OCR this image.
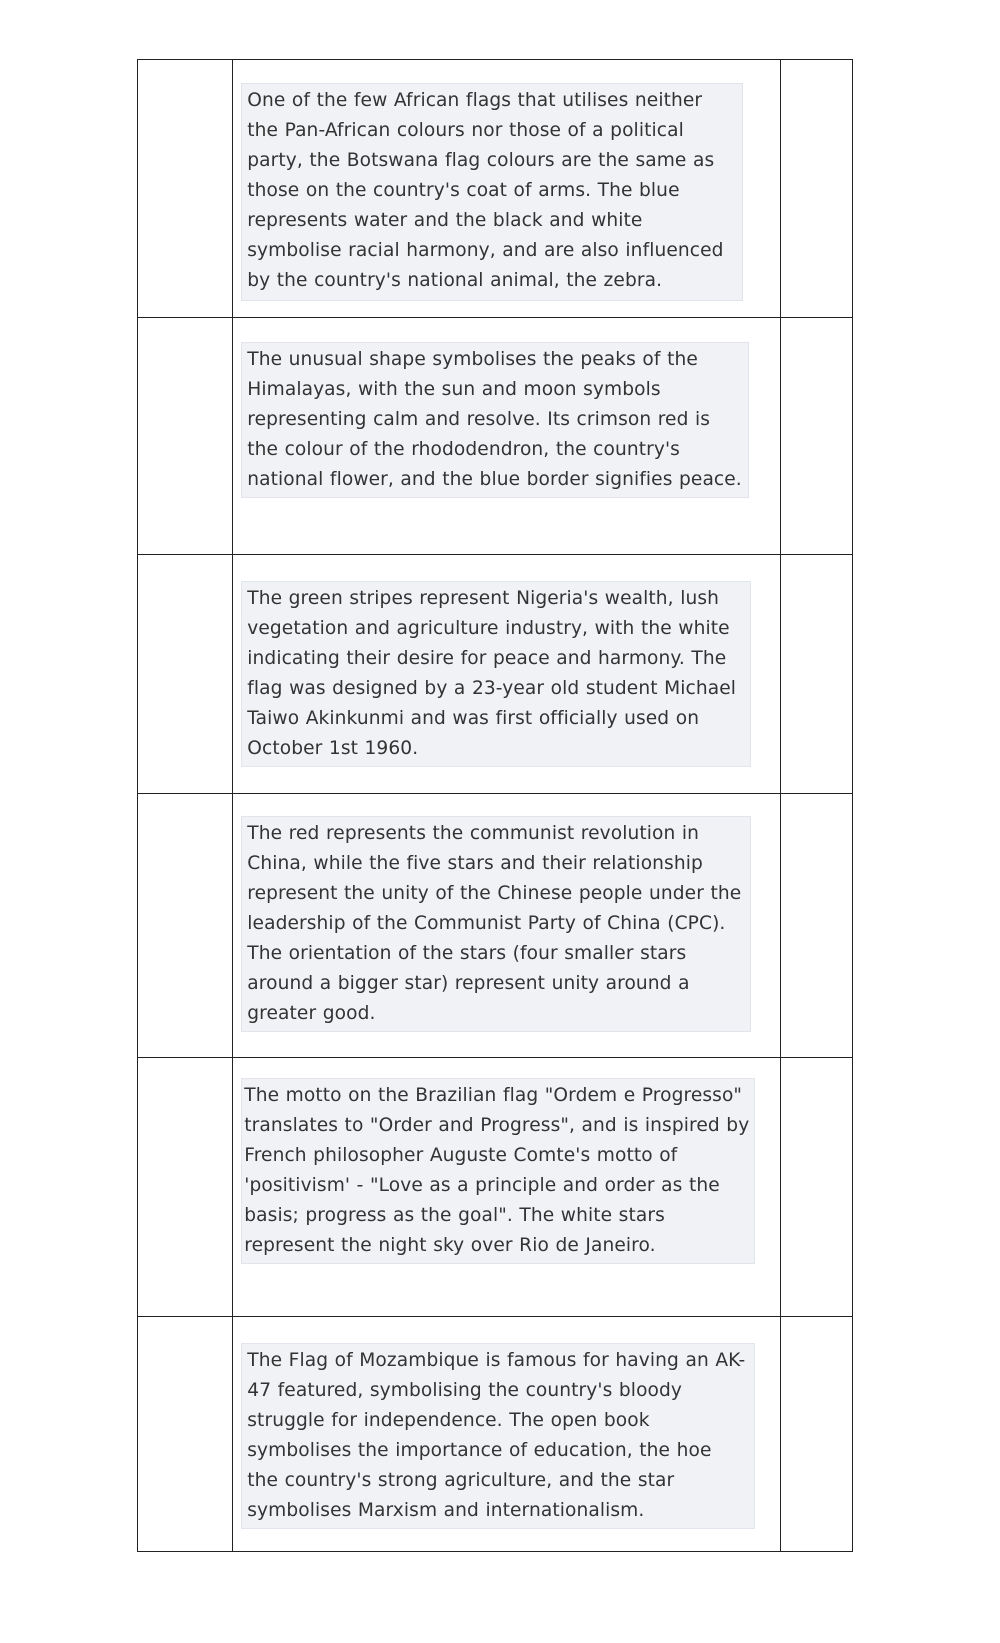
	One of the few African flags that utilises neither the Pan-African colours nor those of a political party, the Botswana flag colours are the same as those on the country's coat of arms. The blue represents water and the black and white symbolise racial harmony, and are also influenced by the country's national animal, the zebra.	

	The unusual shape symbolises the peaks of the Himalayas, with the sun and moon symbols representing calm and resolve. Its crimson red is the colour of the rhododendron, the country's national flower, and the blue border signifies peace.	

	The green stripes represent Nigeria's wealth, lush vegetation and agriculture industry, with the white indicating their desire for peace and harmony. The flag was designed by a 23-year old student Michael Taiwo Akinkunmi and was first officially used on October 1st 1960.	

	The red represents the communist revolution in China, while the five stars and their relationship represent the unity of the Chinese people under the leadership of the Communist Party of China (CPC). The orientation of the stars (four smaller stars around a bigger star) represent unity around a greater good.	

	The motto on the Brazilian flag "Ordem e Progresso" translates to "Order and Progress", and is inspired by French philosopher Auguste Comte's motto of 'positivism' - "Love as a principle and order as the basis; progress as the goal". The white stars represent the night sky over Rio de Janeiro.	

	The Flag of Mozambique is famous for having an AK-47 featured, symbolising the country's bloody struggle for independence. The open book symbolises the importance of education, the hoe the country's strong agriculture, and the star symbolises Marxism and internationalism.	
